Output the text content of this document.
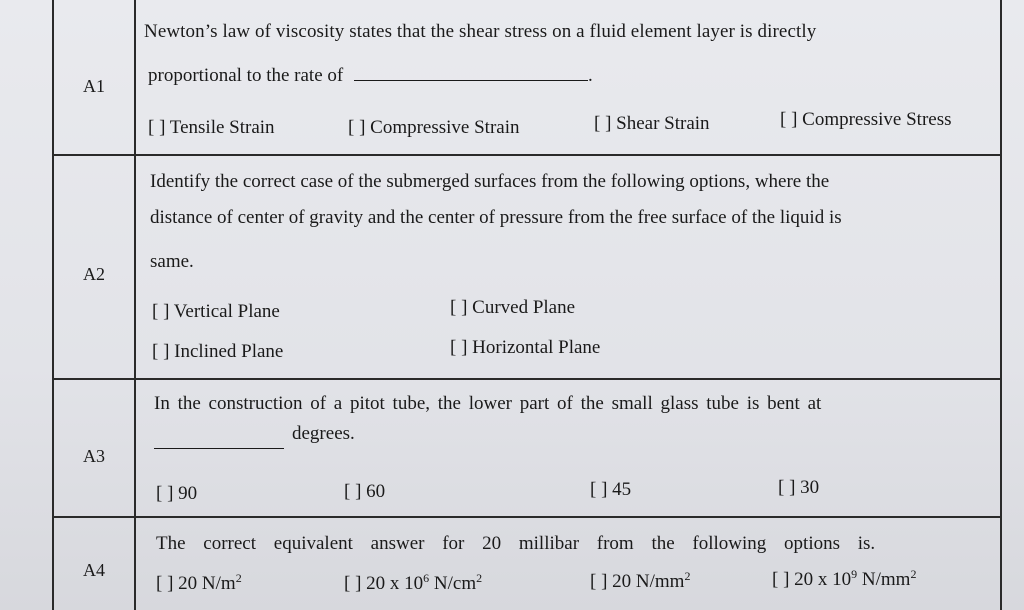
A1
Newton’s law of viscosity states that the shear stress on a fluid element layer is directly
proportional to the rate of	.
[ ] Tensile Strain	[ ] Compressive Strain	[ ] Shear Strain	[ ] Compressive Stress
A2
Identify the correct case of the submerged surfaces from the following options, where the
distance of center of gravity and the center of pressure from the free surface of the liquid is
same.
[ ] Vertical Plane	[ ] Curved Plane
[ ] Inclined Plane	[ ] Horizontal Plane
A3
In the construction of a pitot tube, the lower part of the small glass tube is bent at
degrees.
[ ] 90	[ ] 60	[ ] 45	[ ] 30
A4
The correct equivalent answer for 20 millibar from the following options is.
[ ] 20 $N/m^2$	[ ] 20 x $10^6$ $N/cm^2$	[ ] 20 $N/mm^2$	[ ] 20 x $10^9$ $N/mm^2$
